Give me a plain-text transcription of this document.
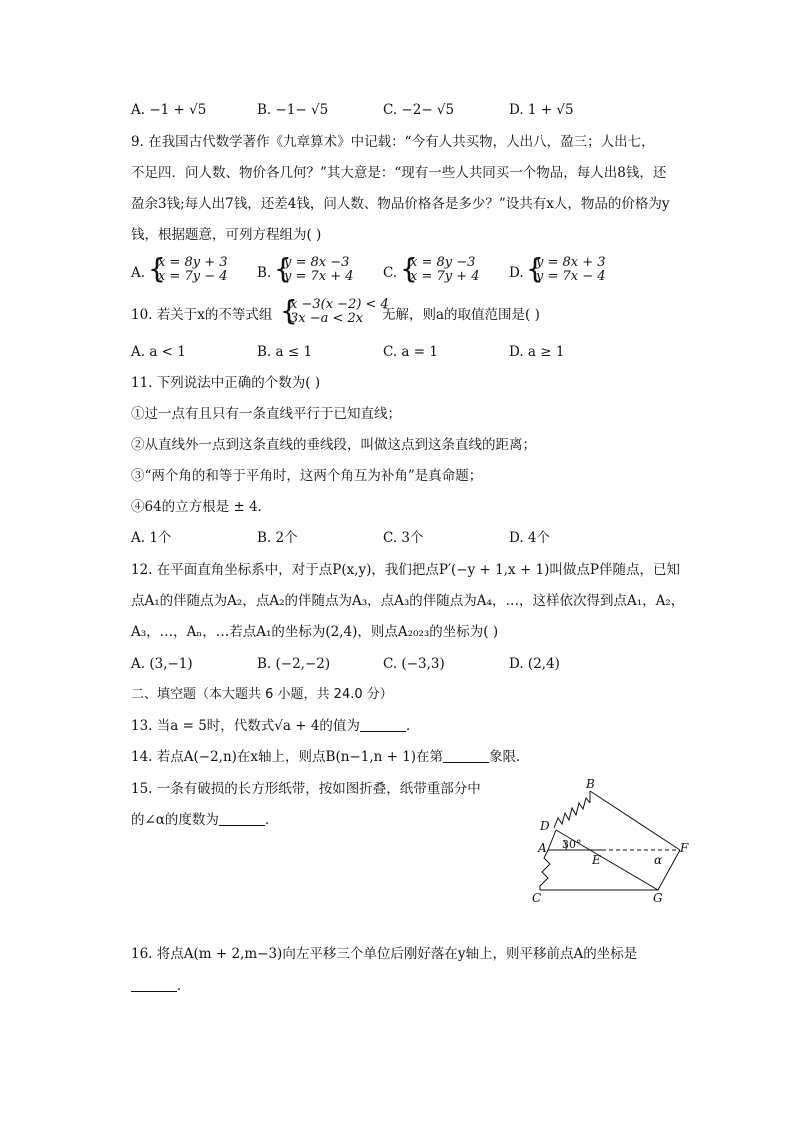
A. −1 + √5	B. −1− √5	C. −2− √5	D. 1 + √5
9. 在我国古代数学著作《九章算术》中记载：“今有人共买物，人出八，盈三；人出七，
不足四．问人数、物价各几何？”其大意是：“现有一些人共同买一个物品，每人出8钱，还
盈余3钱;每人出7钱，还差4钱，问人数、物品价格各是多少？”设共有x人，物品的价格为y
钱，根据题意，可列方程组为( )
A. {
x = 8y + 3
x = 7y − 4 B. {
y = 8x −3
y = 7x + 4 C. {
x = 8y −3
x = 7y + 4 D. {
y = 8x + 3
y = 7x − 4
10. 若关于x的不等式组 {
x −3(x −2) < 4
3x −a < 2x 无解，则a的取值范围是( )
A. a < 1	B. a ≤ 1	C. a = 1	D. a ≥ 1
11. 下列说法中正确的个数为( )
①过一点有且只有一条直线平行于已知直线；
②从直线外一点到这条直线的垂线段，叫做这点到这条直线的距离；
③“两个角的和等于平角时，这两个角互为补角”是真命题；
④64的立方根是 ± 4．
A. 1个	B. 2个	C. 3个	D. 4个
12. 在平面直角坐标系中，对于点P(x,y)，我们把点P′(−y + 1,x + 1)叫做点P伴随点，已知
点A₁的伴随点为A₂，点A₂的伴随点为A₃，点A₃的伴随点为A₄，…，这样依次得到点A₁，A₂，
A₃，…，Aₙ，…若点A₁的坐标为(2,4)，则点A₂₀₂₃的坐标为( )
A. (3,−1)	B. (−2,−2)	C. (−3,3)	D. (2,4)
二、填空题（本大题共 6 小题，共 24.0 分）
13. 当a = 5时，代数式√a + 4的值为	．
14. 若点A(−2,n)在x轴上，则点B(n−1,n + 1)在第	象限．
15. 一条有破损的长方形纸带，按如图折叠，纸带重部分中
的∠α的度数为	．
B
D
A 30°
E	α
F
C	G
16. 将点A(m + 2,m−3)向左平移三个单位后刚好落在y轴上，则平移前点A的坐标是
．
